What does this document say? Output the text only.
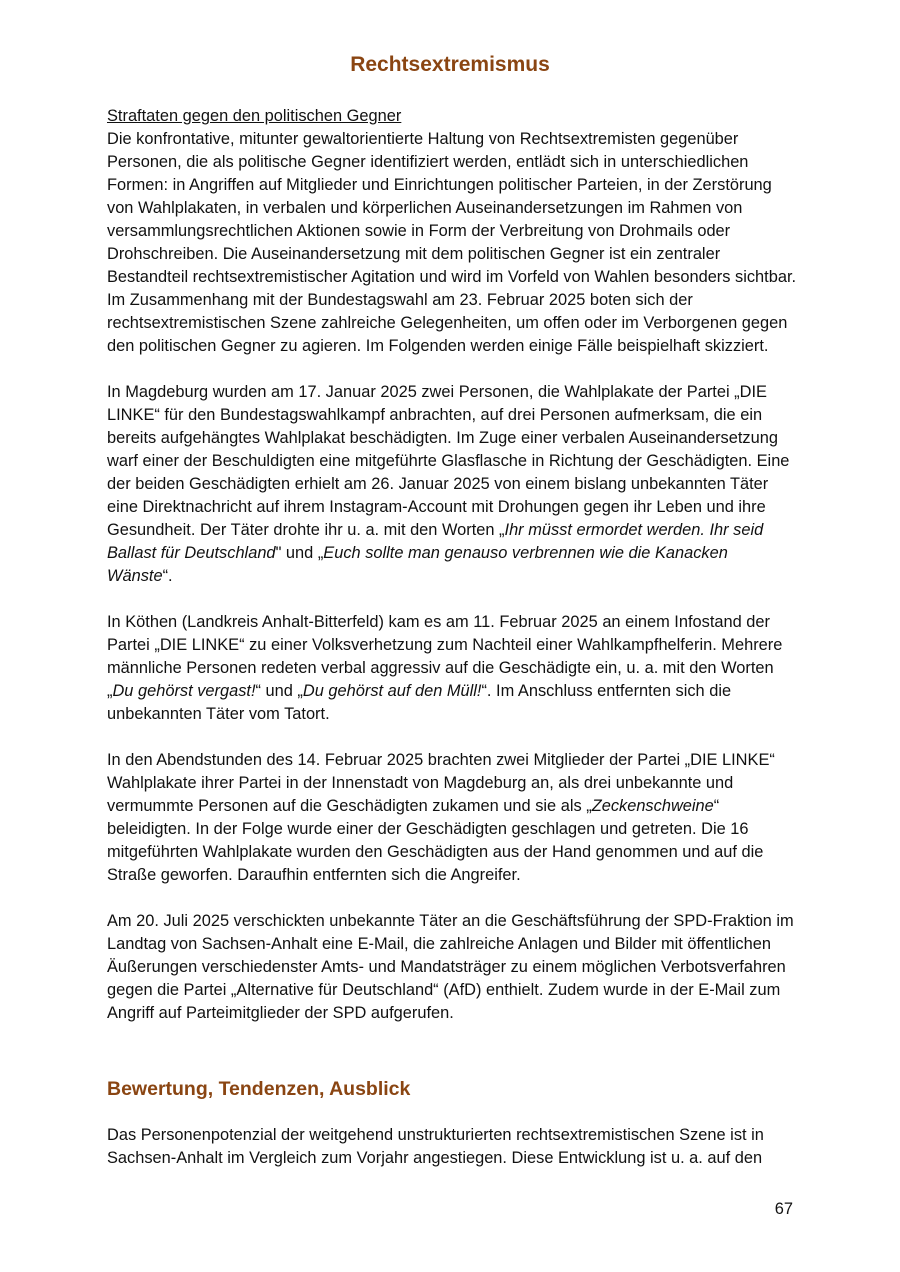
Rechtsextremismus

Straftaten gegen den politischen Gegner

Die konfrontative, mitunter gewaltorientierte Haltung von Rechtsextremisten gegenüber Personen, die als politische Gegner identifiziert werden, entlädt sich in unterschiedlichen Formen: in Angriffen auf Mitglieder und Einrichtungen politischer Parteien, in der Zerstörung von Wahlplakaten, in verbalen und körperlichen Auseinandersetzungen im Rahmen von versammlungsrechtlichen Aktionen sowie in Form der Verbreitung von Drohmails oder Drohschreiben. Die Auseinandersetzung mit dem politischen Gegner ist ein zentraler Bestandteil rechtsextremistischer Agitation und wird im Vorfeld von Wahlen besonders sichtbar. Im Zusammenhang mit der Bundestagswahl am 23. Februar 2025 boten sich der rechtsextremistischen Szene zahlreiche Gelegenheiten, um offen oder im Verborgenen gegen den politischen Gegner zu agieren. Im Folgenden werden einige Fälle beispielhaft skizziert.

In Magdeburg wurden am 17. Januar 2025 zwei Personen, die Wahlplakate der Partei „DIE LINKE“ für den Bundestagswahlkampf anbrachten, auf drei Personen aufmerksam, die ein bereits aufgehängtes Wahlplakat beschädigten. Im Zuge einer verbalen Auseinandersetzung warf einer der Beschuldigten eine mitgeführte Glasflasche in Richtung der Geschädigten. Eine der beiden Geschädigten erhielt am 26. Januar 2025 von einem bislang unbekannten Täter eine Direktnachricht auf ihrem Instagram-Account mit Drohungen gegen ihr Leben und ihre Gesundheit. Der Täter drohte ihr u. a. mit den Worten „Ihr müsst ermordet werden. Ihr seid Ballast für Deutschland" und „Euch sollte man genauso verbrennen wie die Kanacken Wänste“.

In Köthen (Landkreis Anhalt-Bitterfeld) kam es am 11. Februar 2025 an einem Infostand der Partei „DIE LINKE“ zu einer Volksverhetzung zum Nachteil einer Wahlkampfhelferin. Mehrere männliche Personen redeten verbal aggressiv auf die Geschädigte ein, u. a. mit den Worten „Du gehörst vergast!“ und „Du gehörst auf den Müll!“. Im Anschluss entfernten sich die unbekannten Täter vom Tatort.

In den Abendstunden des 14. Februar 2025 brachten zwei Mitglieder der Partei „DIE LINKE“ Wahlplakate ihrer Partei in der Innenstadt von Magdeburg an, als drei unbekannte und vermummte Personen auf die Geschädigten zukamen und sie als „Zeckenschweine“ beleidigten. In der Folge wurde einer der Geschädigten geschlagen und getreten. Die 16 mitgeführten Wahlplakate wurden den Geschädigten aus der Hand genommen und auf die Straße geworfen. Daraufhin entfernten sich die Angreifer.

Am 20. Juli 2025 verschickten unbekannte Täter an die Geschäftsführung der SPD-Fraktion im Landtag von Sachsen-Anhalt eine E-Mail, die zahlreiche Anlagen und Bilder mit öffentlichen Äußerungen verschiedenster Amts- und Mandatsträger zu einem möglichen Verbotsverfahren gegen die Partei „Alternative für Deutschland“ (AfD) enthielt. Zudem wurde in der E-Mail zum Angriff auf Parteimitglieder der SPD aufgerufen.

Bewertung, Tendenzen, Ausblick

Das Personenpotenzial der weitgehend unstrukturierten rechtsextremistischen Szene ist in Sachsen-Anhalt im Vergleich zum Vorjahr angestiegen. Diese Entwicklung ist u. a. auf den

67
